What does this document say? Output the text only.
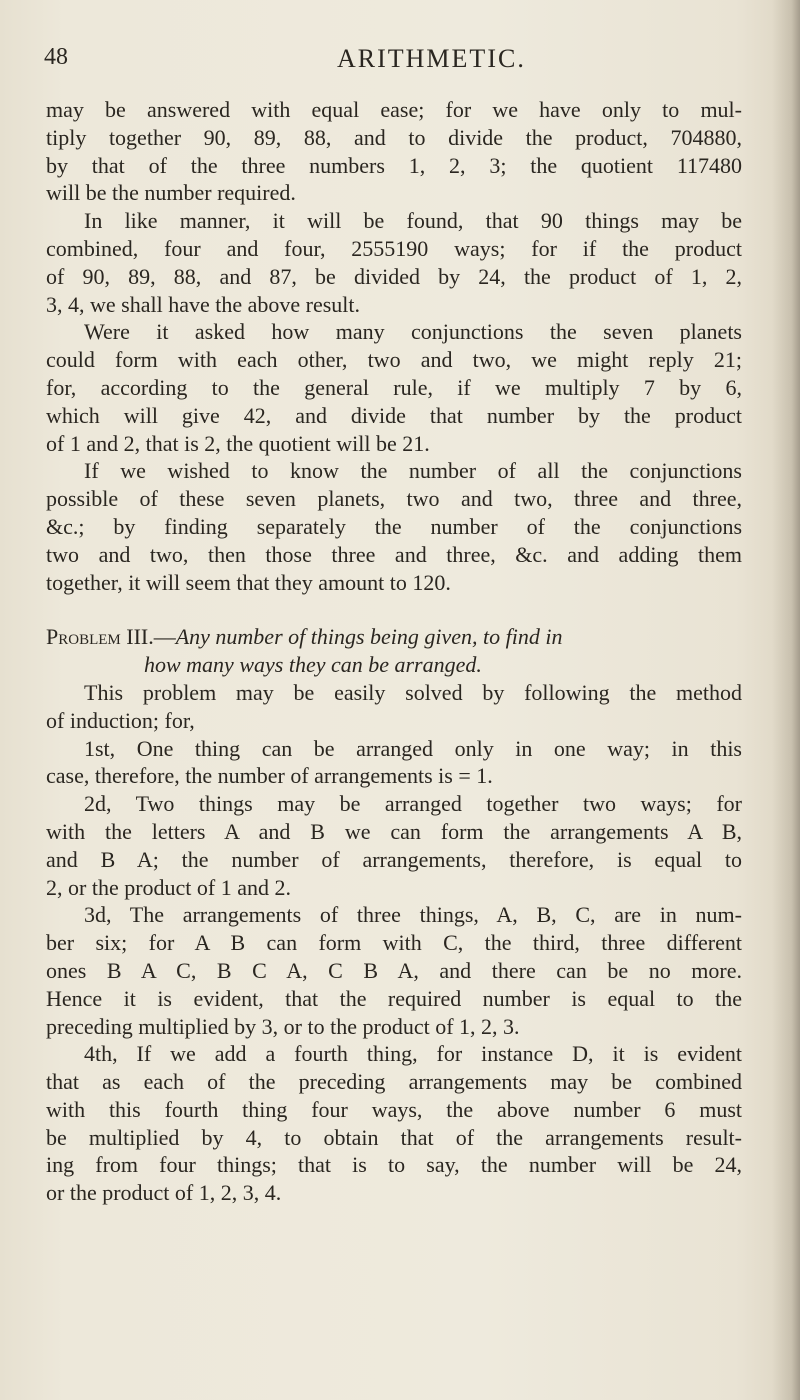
48	ARITHMETIC.
may be answered with equal ease; for we have only to mul-
tiply together 90, 89, 88, and to divide the product, 704880,
by that of the three numbers 1, 2, 3; the quotient 117480
will be the number required.
In like manner, it will be found, that 90 things may be
combined, four and four, 2555190 ways; for if the product
of 90, 89, 88, and 87, be divided by 24, the product of 1, 2,
3, 4, we shall have the above result.
Were it asked how many conjunctions the seven planets
could form with each other, two and two, we might reply 21;
for, according to the general rule, if we multiply 7 by 6,
which will give 42, and divide that number by the product
of 1 and 2, that is 2, the quotient will be 21.
If we wished to know the number of all the conjunctions
possible of these seven planets, two and two, three and three,
&c.; by finding separately the number of the conjunctions
two and two, then those three and three, &c. and adding them
together, it will seem that they amount to 120.
Problem III.—Any number of things being given, to find in
how many ways they can be arranged.
This problem may be easily solved by following the method
of induction; for,
1st, One thing can be arranged only in one way; in this
case, therefore, the number of arrangements is = 1.
2d, Two things may be arranged together two ways; for
with the letters A and B we can form the arrangements A B,
and B A; the number of arrangements, therefore, is equal to
2, or the product of 1 and 2.
3d, The arrangements of three things, A, B, C, are in num-
ber six; for A B can form with C, the third, three different
ones B A C, B C A, C B A, and there can be no more.
Hence it is evident, that the required number is equal to the
preceding multiplied by 3, or to the product of 1, 2, 3.
4th, If we add a fourth thing, for instance D, it is evident
that as each of the preceding arrangements may be combined
with this fourth thing four ways, the above number 6 must
be multiplied by 4, to obtain that of the arrangements result-
ing from four things; that is to say, the number will be 24,
or the product of 1, 2, 3, 4.
